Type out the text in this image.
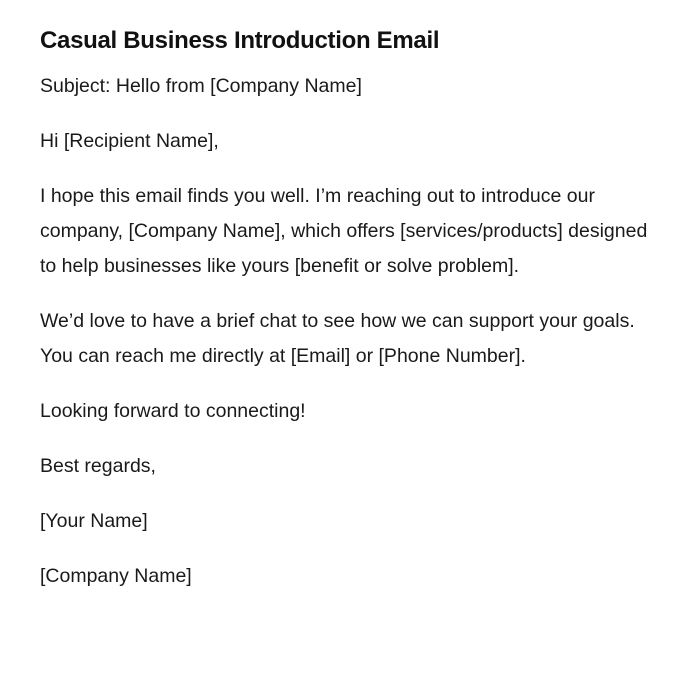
Casual Business Introduction Email

Subject: Hello from [Company Name]

Hi [Recipient Name],

I hope this email finds you well. I’m reaching out to introduce our company, [Company Name], which offers [services/products] designed to help businesses like yours [benefit or solve problem].

We’d love to have a brief chat to see how we can support your goals. You can reach me directly at [Email] or [Phone Number].

Looking forward to connecting!

Best regards,

[Your Name]

[Company Name]
